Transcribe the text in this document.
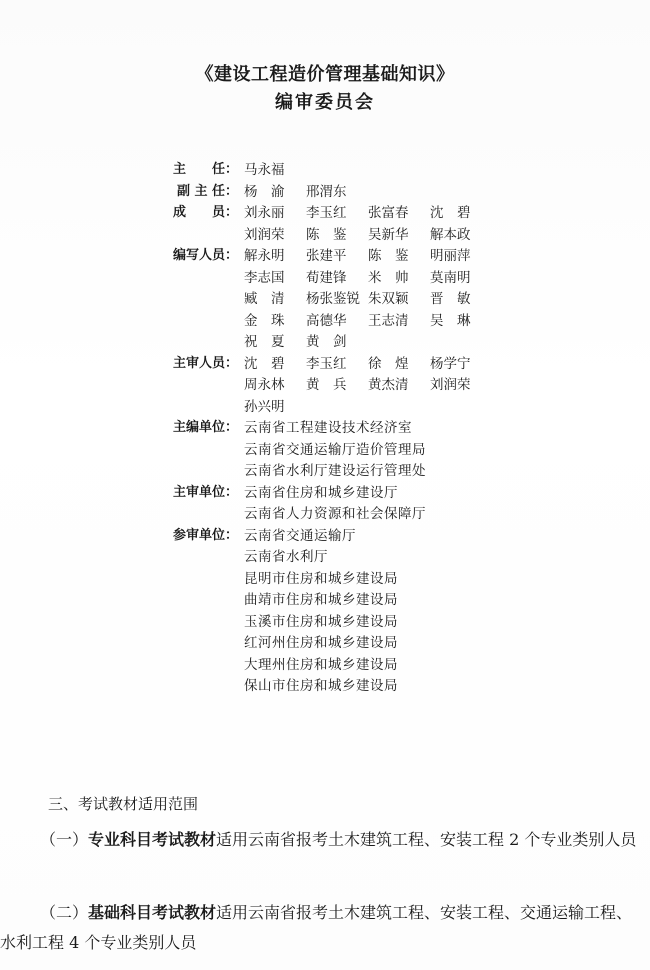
《建设工程造价管理基础知识》
编审委员会
主　　任： 马永福
副 主 任： 杨　渝	邢渭东
成　　员： 刘永丽	李玉红	张富春	沈　碧
刘润荣	陈　鉴	吴新华	解本政
编写人员： 解永明	张建平	陈　鉴	明丽萍
李志国	荀建锋	米　帅	莫南明
臧　清	杨张鉴锐 朱双颖	晋　敏
金　珠	高德华	王志清	吴　琳
祝　夏	黄　剑
主审人员： 沈　碧	李玉红	徐　煌	杨学宁
周永林	黄　兵	黄杰清	刘润荣
孙兴明
主编单位： 云南省工程建设技术经济室
云南省交通运输厅造价管理局
云南省水利厅建设运行管理处
主审单位： 云南省住房和城乡建设厅
云南省人力资源和社会保障厅
参审单位： 云南省交通运输厅
云南省水利厅
昆明市住房和城乡建设局
曲靖市住房和城乡建设局
玉溪市住房和城乡建设局
红河州住房和城乡建设局
大理州住房和城乡建设局
保山市住房和城乡建设局
三、考试教材适用范围
（一）专业科目考试教材适用云南省报考土木建筑工程、安装工程 2 个专业类别人员
（二）基础科目考试教材适用云南省报考土木建筑工程、安装工程、交通运输工程、水利工程 4 个专业类别人员
